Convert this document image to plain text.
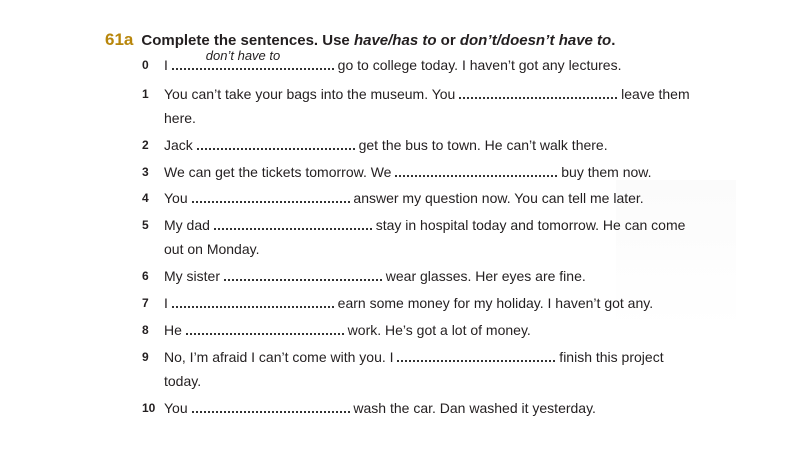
61a Complete the sentences. Use have/has to or don’t/doesn’t have to.
0	I
don’t have to
go to college today. I haven’t got any lectures.
1	You can’t take your bags into the museum. You	leave them here.
2	Jack	get the bus to town. He can’t walk there.
3	We can get the tickets tomorrow. We	buy them now.
4	You	answer my question now. You can tell me later.
5	My dad	stay in hospital today and tomorrow. He can come out on Monday.
6	My sister	wear glasses. Her eyes are fine.
7	I	earn some money for my holiday. I haven’t got any.
8	He	work. He’s got a lot of money.
9	No, I’m afraid I can’t come with you. I	finish this project today.
10 You	wash the car. Dan washed it yesterday.
